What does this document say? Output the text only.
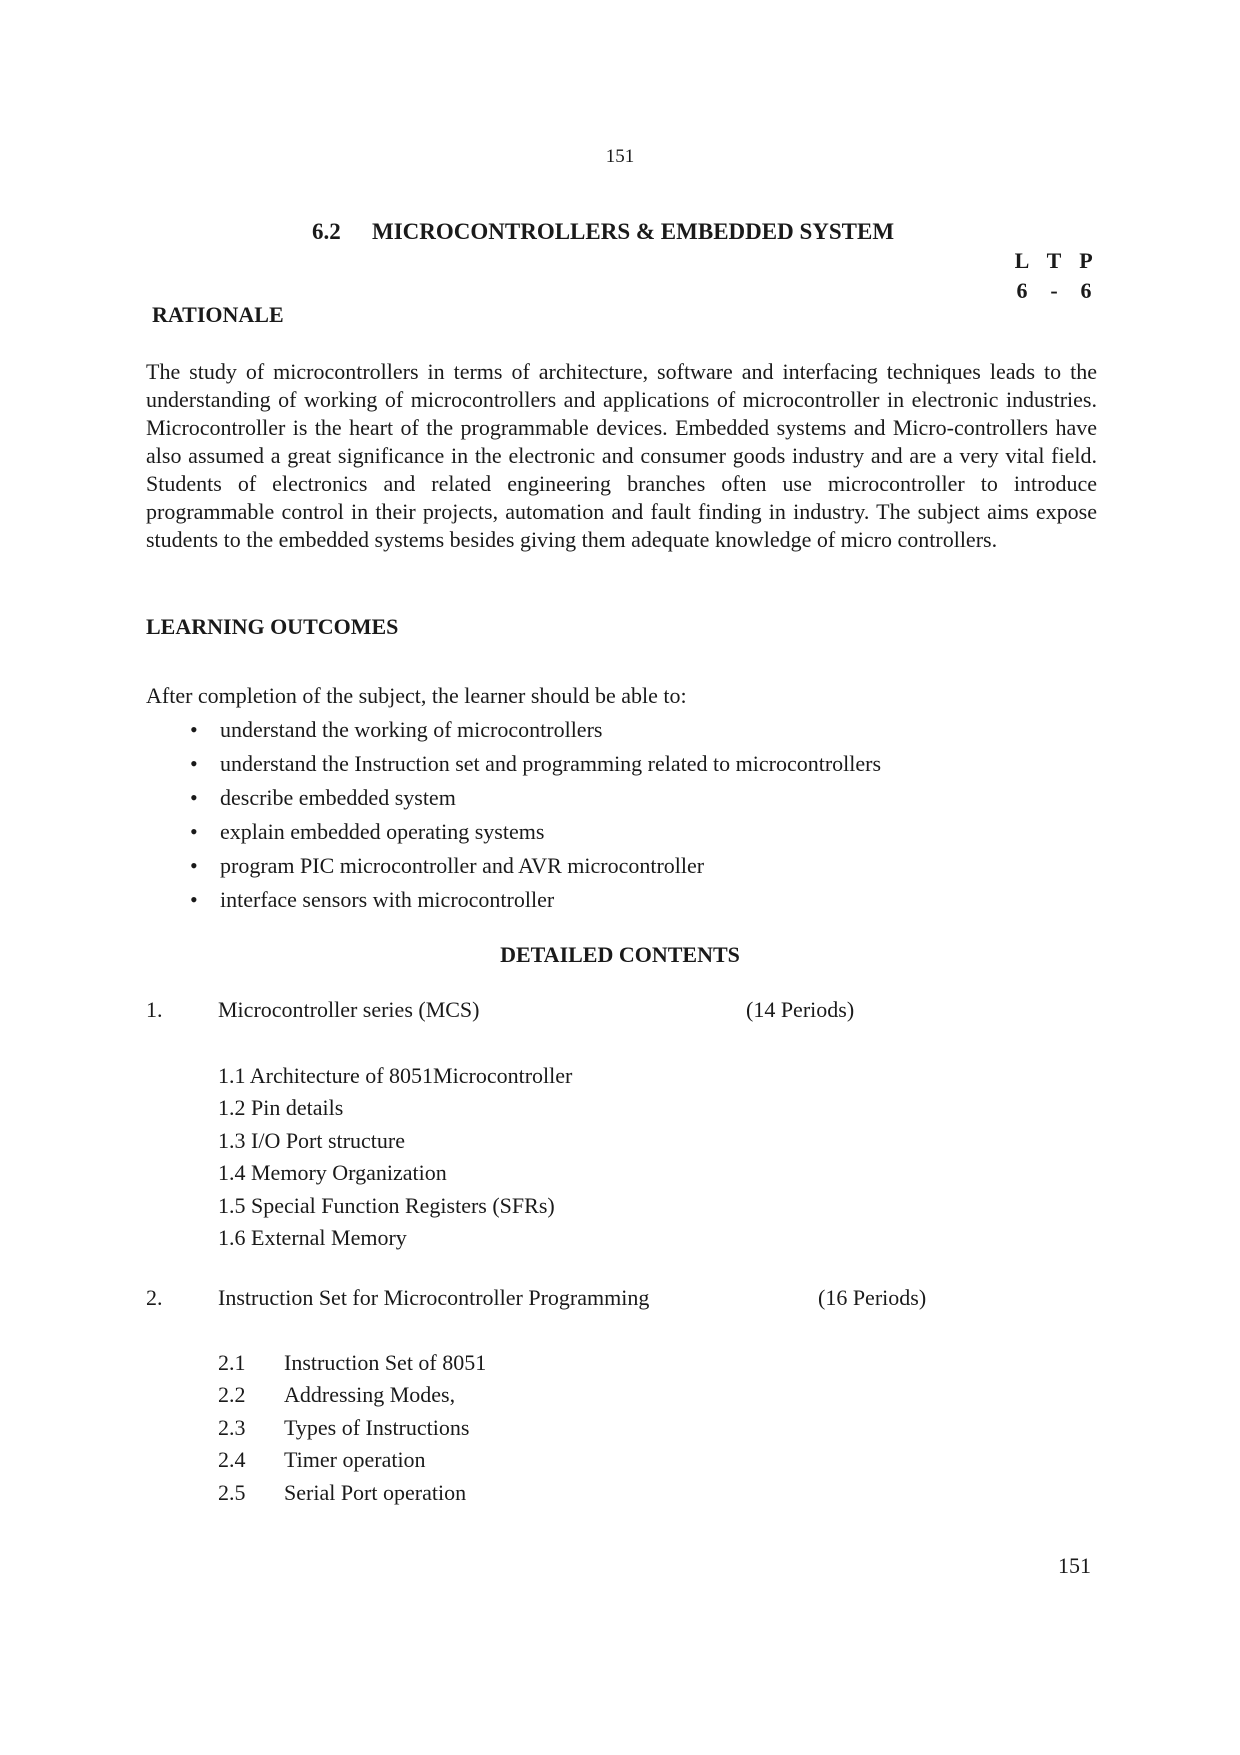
151
6.2 MICROCONTROLLERS & EMBEDDED SYSTEM
L T P
6	-	6
RATIONALE
The study of microcontrollers in terms of architecture, software and interfacing techniques leads to the understanding of working of microcontrollers and applications of microcontroller in electronic industries. Microcontroller is the heart of the programmable devices. Embedded systems and Micro-controllers have also assumed a great significance in the electronic and consumer goods industry and are a very vital field. Students of electronics and related engineering branches often use microcontroller to introduce programmable control in their projects, automation and fault finding in industry. The subject aims expose students to the embedded systems besides giving them adequate knowledge of micro controllers.
LEARNING OUTCOMES
After completion of the subject, the learner should be able to:
• understand the working of microcontrollers
• understand the Instruction set and programming related to microcontrollers
• describe embedded system
• explain embedded operating systems
• program PIC microcontroller and AVR microcontroller
• interface sensors with microcontroller
DETAILED CONTENTS
1.	Microcontroller series (MCS)	(14 Periods)
1.1 Architecture of 8051Microcontroller
1.2 Pin details
1.3 I/O Port structure
1.4 Memory Organization
1.5 Special Function Registers (SFRs)
1.6 External Memory
2.	Instruction Set for Microcontroller Programming	(16 Periods)
2.1 Instruction Set of 8051
2.2 Addressing Modes,
2.3 Types of Instructions
2.4 Timer operation
2.5 Serial Port operation
151
